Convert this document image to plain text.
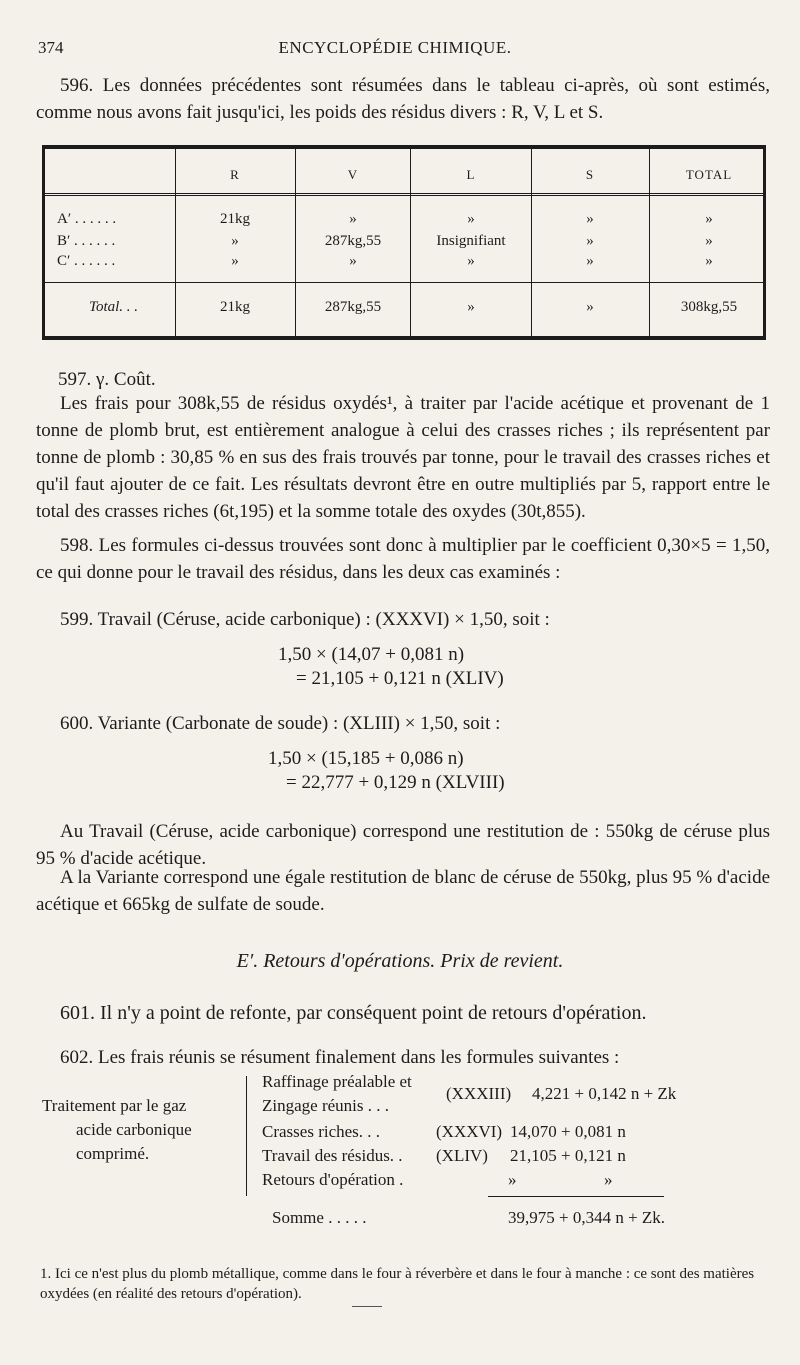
374	ENCYCLOPÉDIE CHIMIQUE.
596. Les données précédentes sont résumées dans le tableau ci-après, où sont estimés, comme nous avons fait jusqu'ici, les poids des résidus divers : R, V, L et S.
R	V	L	S	TOTAL
A′ . . . . . .	21kg	»	»	»	»
B′ . . . . . .	»	287kg,55	Insignifiant	»	»
C′ . . . . . .	»	»	»	»	»
Total. . .	21kg	287kg,55	»	»	308kg,55
597. γ. Coût.
Les frais pour 308k,55 de résidus oxydés¹, à traiter par l'acide acétique et provenant de 1 tonne de plomb brut, est entièrement analogue à celui des crasses riches ; ils représentent par tonne de plomb : 30,85 % en sus des frais trouvés par tonne, pour le travail des crasses riches et qu'il faut ajouter de ce fait. Les résultats devront être en outre multipliés par 5, rapport entre le total des crasses riches (6t,195) et la somme totale des oxydes (30t,855).
598. Les formules ci-dessus trouvées sont donc à multiplier par le coefficient 0,30×5 = 1,50, ce qui donne pour le travail des résidus, dans les deux cas examinés :
599. Travail (Céruse, acide carbonique) : (XXXVI) × 1,50, soit :
1,50 × (14,07 + 0,081 n)
= 21,105 + 0,121 n (XLIV)
600. Variante (Carbonate de soude) : (XLIII) × 1,50, soit :
1,50 × (15,185 + 0,086 n)
= 22,777 + 0,129 n (XLVIII)
Au Travail (Céruse, acide carbonique) correspond une restitution de : 550kg de céruse plus 95 % d'acide acétique.
A la Variante correspond une égale restitution de blanc de céruse de 550kg, plus 95 % d'acide acétique et 665kg de sulfate de soude.
E′. Retours d'opérations. Prix de revient.
601. Il n'y a point de refonte, par conséquent point de retours d'opération.
602. Les frais réunis se résument finalement dans les formules suivantes :
Traitement par le gaz
acide carbonique
comprimé.
Raffinage préalable et
Zingage réunis . . .
(XXXIII) 4,221 + 0,142 n + Zk
Crasses riches. . .	(XXXVI) 14,070 + 0,081 n
Travail des résidus. . (XLIV) 21,105 + 0,121 n
Retours d'opération .	»	»
Somme . . . . .	39,975 + 0,344 n + Zk.
1. Ici ce n'est plus du plomb métallique, comme dans le four à réverbère et dans le four à manche : ce sont des matières oxydées (en réalité des retours d'opération).
